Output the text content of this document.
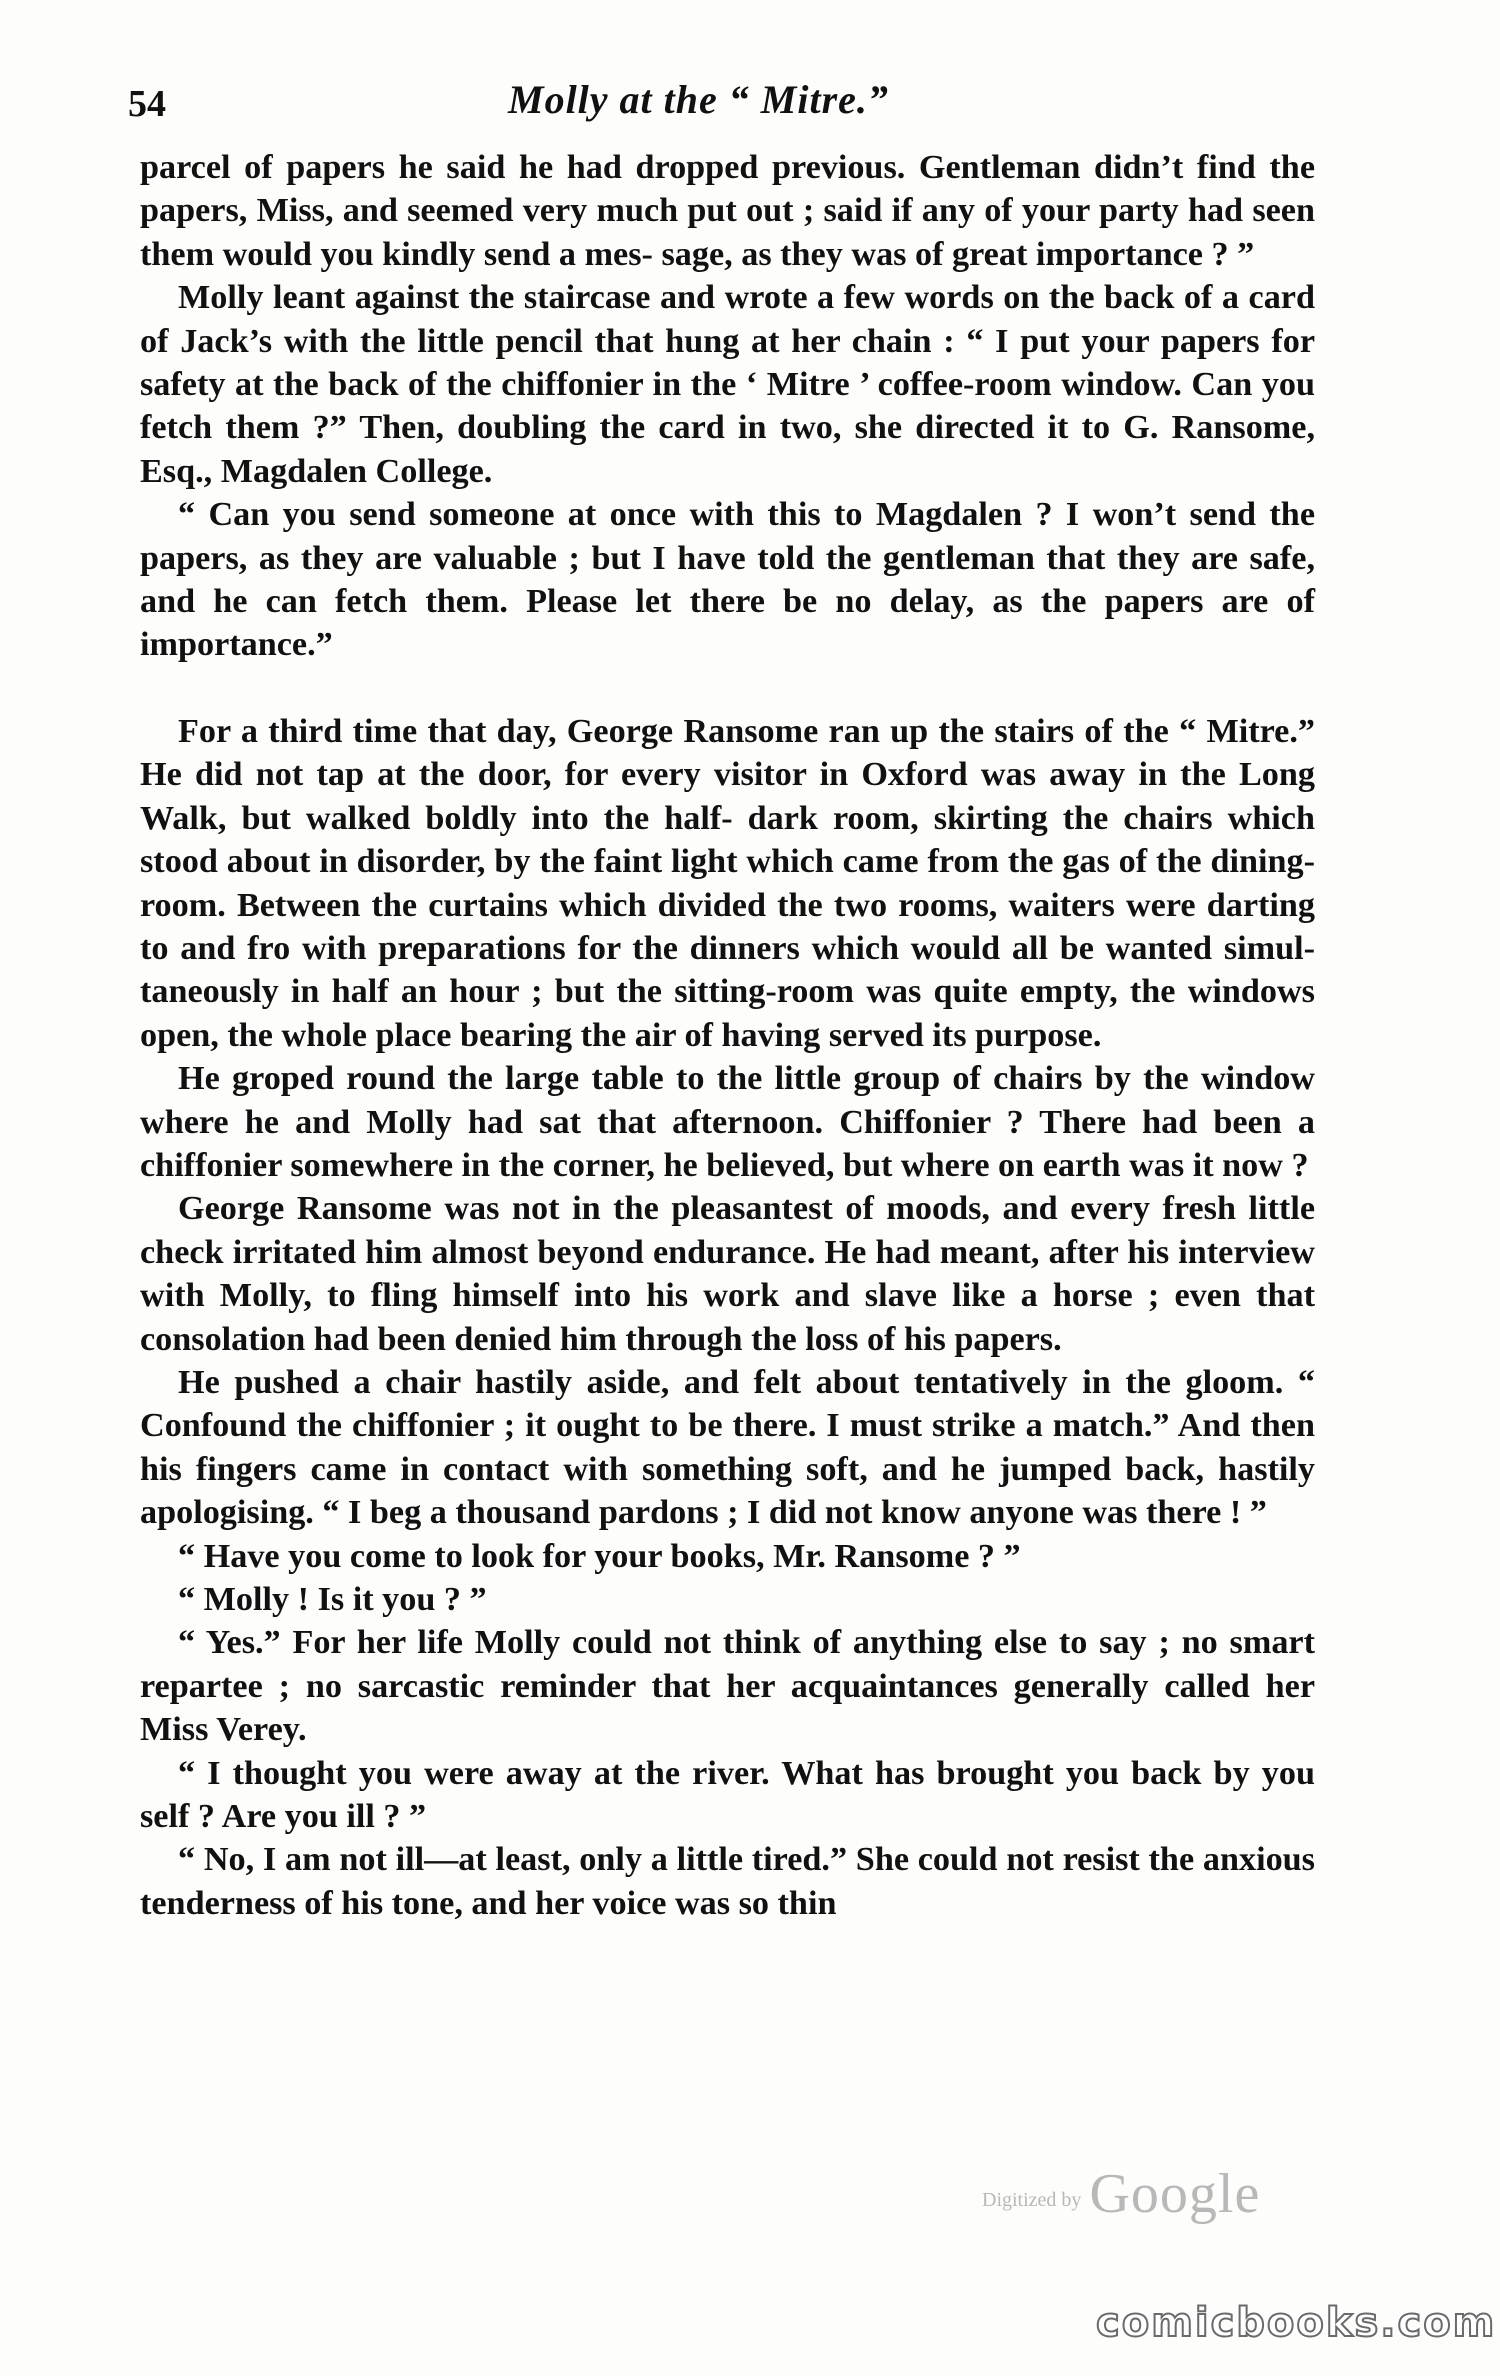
54	Molly at the “ Mitre.”

parcel of papers he said he had dropped previous. Gentleman didn’t find the papers, Miss, and seemed very much put out ; said if any of your party had seen them would you kindly send a mes- sage, as they was of great importance ? ”

Molly leant against the staircase and wrote a few words on the back of a card of Jack’s with the little pencil that hung at her chain : “ I put your papers for safety at the back of the chiffonier in the ‘ Mitre ’ coffee-room window. Can you fetch them ?” Then, doubling the card in two, she directed it to G. Ransome, Esq., Magdalen College.

“ Can you send someone at once with this to Magdalen ? I won’t send the papers, as they are valuable ; but I have told the gentleman that they are safe, and he can fetch them. Please let there be no delay, as the papers are of importance.”

For a third time that day, George Ransome ran up the stairs of the “ Mitre.” He did not tap at the door, for every visitor in Oxford was away in the Long Walk, but walked boldly into the half- dark room, skirting the chairs which stood about in disorder, by the faint light which came from the gas of the dining-room. Between the curtains which divided the two rooms, waiters were darting to and fro with preparations for the dinners which would all be wanted simul- taneously in half an hour ; but the sitting-room was quite empty, the windows open, the whole place bearing the air of having served its purpose.

He groped round the large table to the little group of chairs by the window where he and Molly had sat that afternoon. Chiffonier ? There had been a chiffonier somewhere in the corner, he believed, but where on earth was it now ?

George Ransome was not in the pleasantest of moods, and every fresh little check irritated him almost beyond endurance. He had meant, after his interview with Molly, to fling himself into his work and slave like a horse ; even that consolation had been denied him through the loss of his papers.

He pushed a chair hastily aside, and felt about tentatively in the gloom. “ Confound the chiffonier ; it ought to be there. I must strike a match.” And then his fingers came in contact with something soft, and he jumped back, hastily apologising. “ I beg a thousand pardons ; I did not know anyone was there ! ”

“ Have you come to look for your books, Mr. Ransome ? ”

“ Molly ! Is it you ? ”

“ Yes.” For her life Molly could not think of anything else to say ; no smart repartee ; no sarcastic reminder that her acquaintances generally called her Miss Verey.

“ I thought you were away at the river. What has brought you back by you self ? Are you ill ? ”

“ No, I am not ill—at least, only a little tired.” She could not resist the anxious tenderness of his tone, and her voice was so thin

Digitized by Google
comicbooks.com
